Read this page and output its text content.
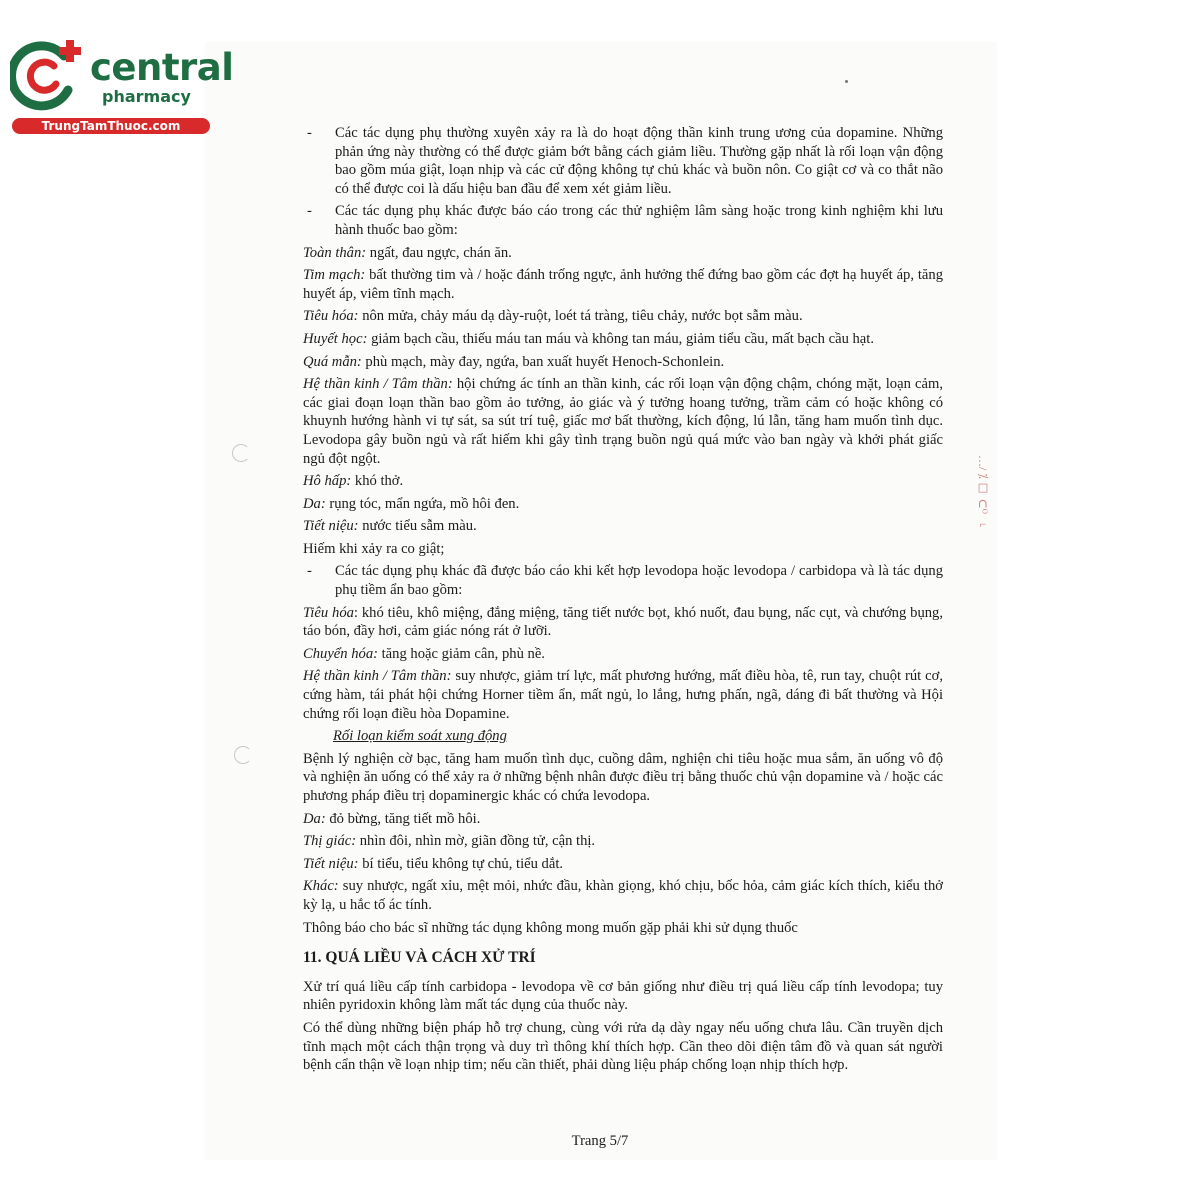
central
pharmacy
TrungTamThuoc.com
…/ ⁒ ☐ ⊂ᴼ ⌐

- Các tác dụng phụ thường xuyên xảy ra là do hoạt động thần kinh trung ương của dopamine. Những phản ứng này thường có thể được giảm bớt bằng cách giảm liều. Thường gặp nhất là rối loạn vận động bao gồm múa giật, loạn nhịp và các cử động không tự chủ khác và buồn nôn. Co giật cơ và co thắt não có thể được coi là dấu hiệu ban đầu để xem xét giảm liều.

- Các tác dụng phụ khác được báo cáo trong các thử nghiệm lâm sàng hoặc trong kinh nghiệm khi lưu hành thuốc bao gồm:

Toàn thân: ngất, đau ngực, chán ăn.

Tim mạch: bất thường tim và / hoặc đánh trống ngực, ảnh hưởng thế đứng bao gồm các đợt hạ huyết áp, tăng huyết áp, viêm tĩnh mạch.

Tiêu hóa: nôn mửa, chảy máu dạ dày-ruột, loét tá tràng, tiêu chảy, nước bọt sẫm màu.

Huyết học: giảm bạch cầu, thiếu máu tan máu và không tan máu, giảm tiểu cầu, mất bạch cầu hạt.

Quá mẫn: phù mạch, mày đay, ngứa, ban xuất huyết Henoch-Schonlein.

Hệ thần kinh / Tâm thần: hội chứng ác tính an thần kinh, các rối loạn vận động chậm, chóng mặt, loạn cảm, các giai đoạn loạn thần bao gồm ảo tưởng, ảo giác và ý tưởng hoang tưởng, trầm cảm có hoặc không có khuynh hướng hành vi tự sát, sa sút trí tuệ, giấc mơ bất thường, kích động, lú lẫn, tăng ham muốn tình dục. Levodopa gây buồn ngủ và rất hiếm khi gây tình trạng buồn ngủ quá mức vào ban ngày và khởi phát giấc ngủ đột ngột.

Hô hấp: khó thở.

Da: rụng tóc, mẩn ngứa, mồ hôi đen.

Tiết niệu: nước tiểu sẫm màu.

Hiếm khi xảy ra co giật;

- Các tác dụng phụ khác đã được báo cáo khi kết hợp levodopa hoặc levodopa / carbidopa và là tác dụng phụ tiềm ẩn bao gồm:

Tiêu hóa: khó tiêu, khô miệng, đắng miệng, tăng tiết nước bọt, khó nuốt, đau bụng, nấc cụt, và chướng bụng, táo bón, đầy hơi, cảm giác nóng rát ở lưỡi.

Chuyển hóa: tăng hoặc giảm cân, phù nề.

Hệ thần kinh / Tâm thần: suy nhược, giảm trí lực, mất phương hướng, mất điều hòa, tê, run tay, chuột rút cơ, cứng hàm, tái phát hội chứng Horner tiềm ẩn, mất ngủ, lo lắng, hưng phấn, ngã, dáng đi bất thường và Hội chứng rối loạn điều hòa Dopamine.

Rối loạn kiểm soát xung động

Bệnh lý nghiện cờ bạc, tăng ham muốn tình dục, cuồng dâm, nghiện chi tiêu hoặc mua sắm, ăn uống vô độ và nghiện ăn uống có thể xảy ra ở những bệnh nhân được điều trị bằng thuốc chủ vận dopamine và / hoặc các phương pháp điều trị dopaminergic khác có chứa levodopa.

Da: đỏ bừng, tăng tiết mồ hôi.

Thị giác: nhìn đôi, nhìn mờ, giãn đồng tử, cận thị.

Tiết niệu: bí tiểu, tiểu không tự chủ, tiểu dắt.

Khác: suy nhược, ngất xỉu, mệt mỏi, nhức đầu, khàn giọng, khó chịu, bốc hỏa, cảm giác kích thích, kiểu thở kỳ lạ, u hắc tố ác tính.

Thông báo cho bác sĩ những tác dụng không mong muốn gặp phải khi sử dụng thuốc

11. QUÁ LIỀU VÀ CÁCH XỬ TRÍ

Xử trí quá liều cấp tính carbidopa - levodopa về cơ bản giống như điều trị quá liều cấp tính levodopa; tuy nhiên pyridoxin không làm mất tác dụng của thuốc này.

Có thể dùng những biện pháp hỗ trợ chung, cùng với rửa dạ dày ngay nếu uống chưa lâu. Cần truyền dịch tĩnh mạch một cách thận trọng và duy trì thông khí thích hợp. Cần theo dõi điện tâm đồ và quan sát người bệnh cẩn thận về loạn nhịp tim; nếu cần thiết, phải dùng liệu pháp chống loạn nhịp thích hợp.

Trang 5/7
